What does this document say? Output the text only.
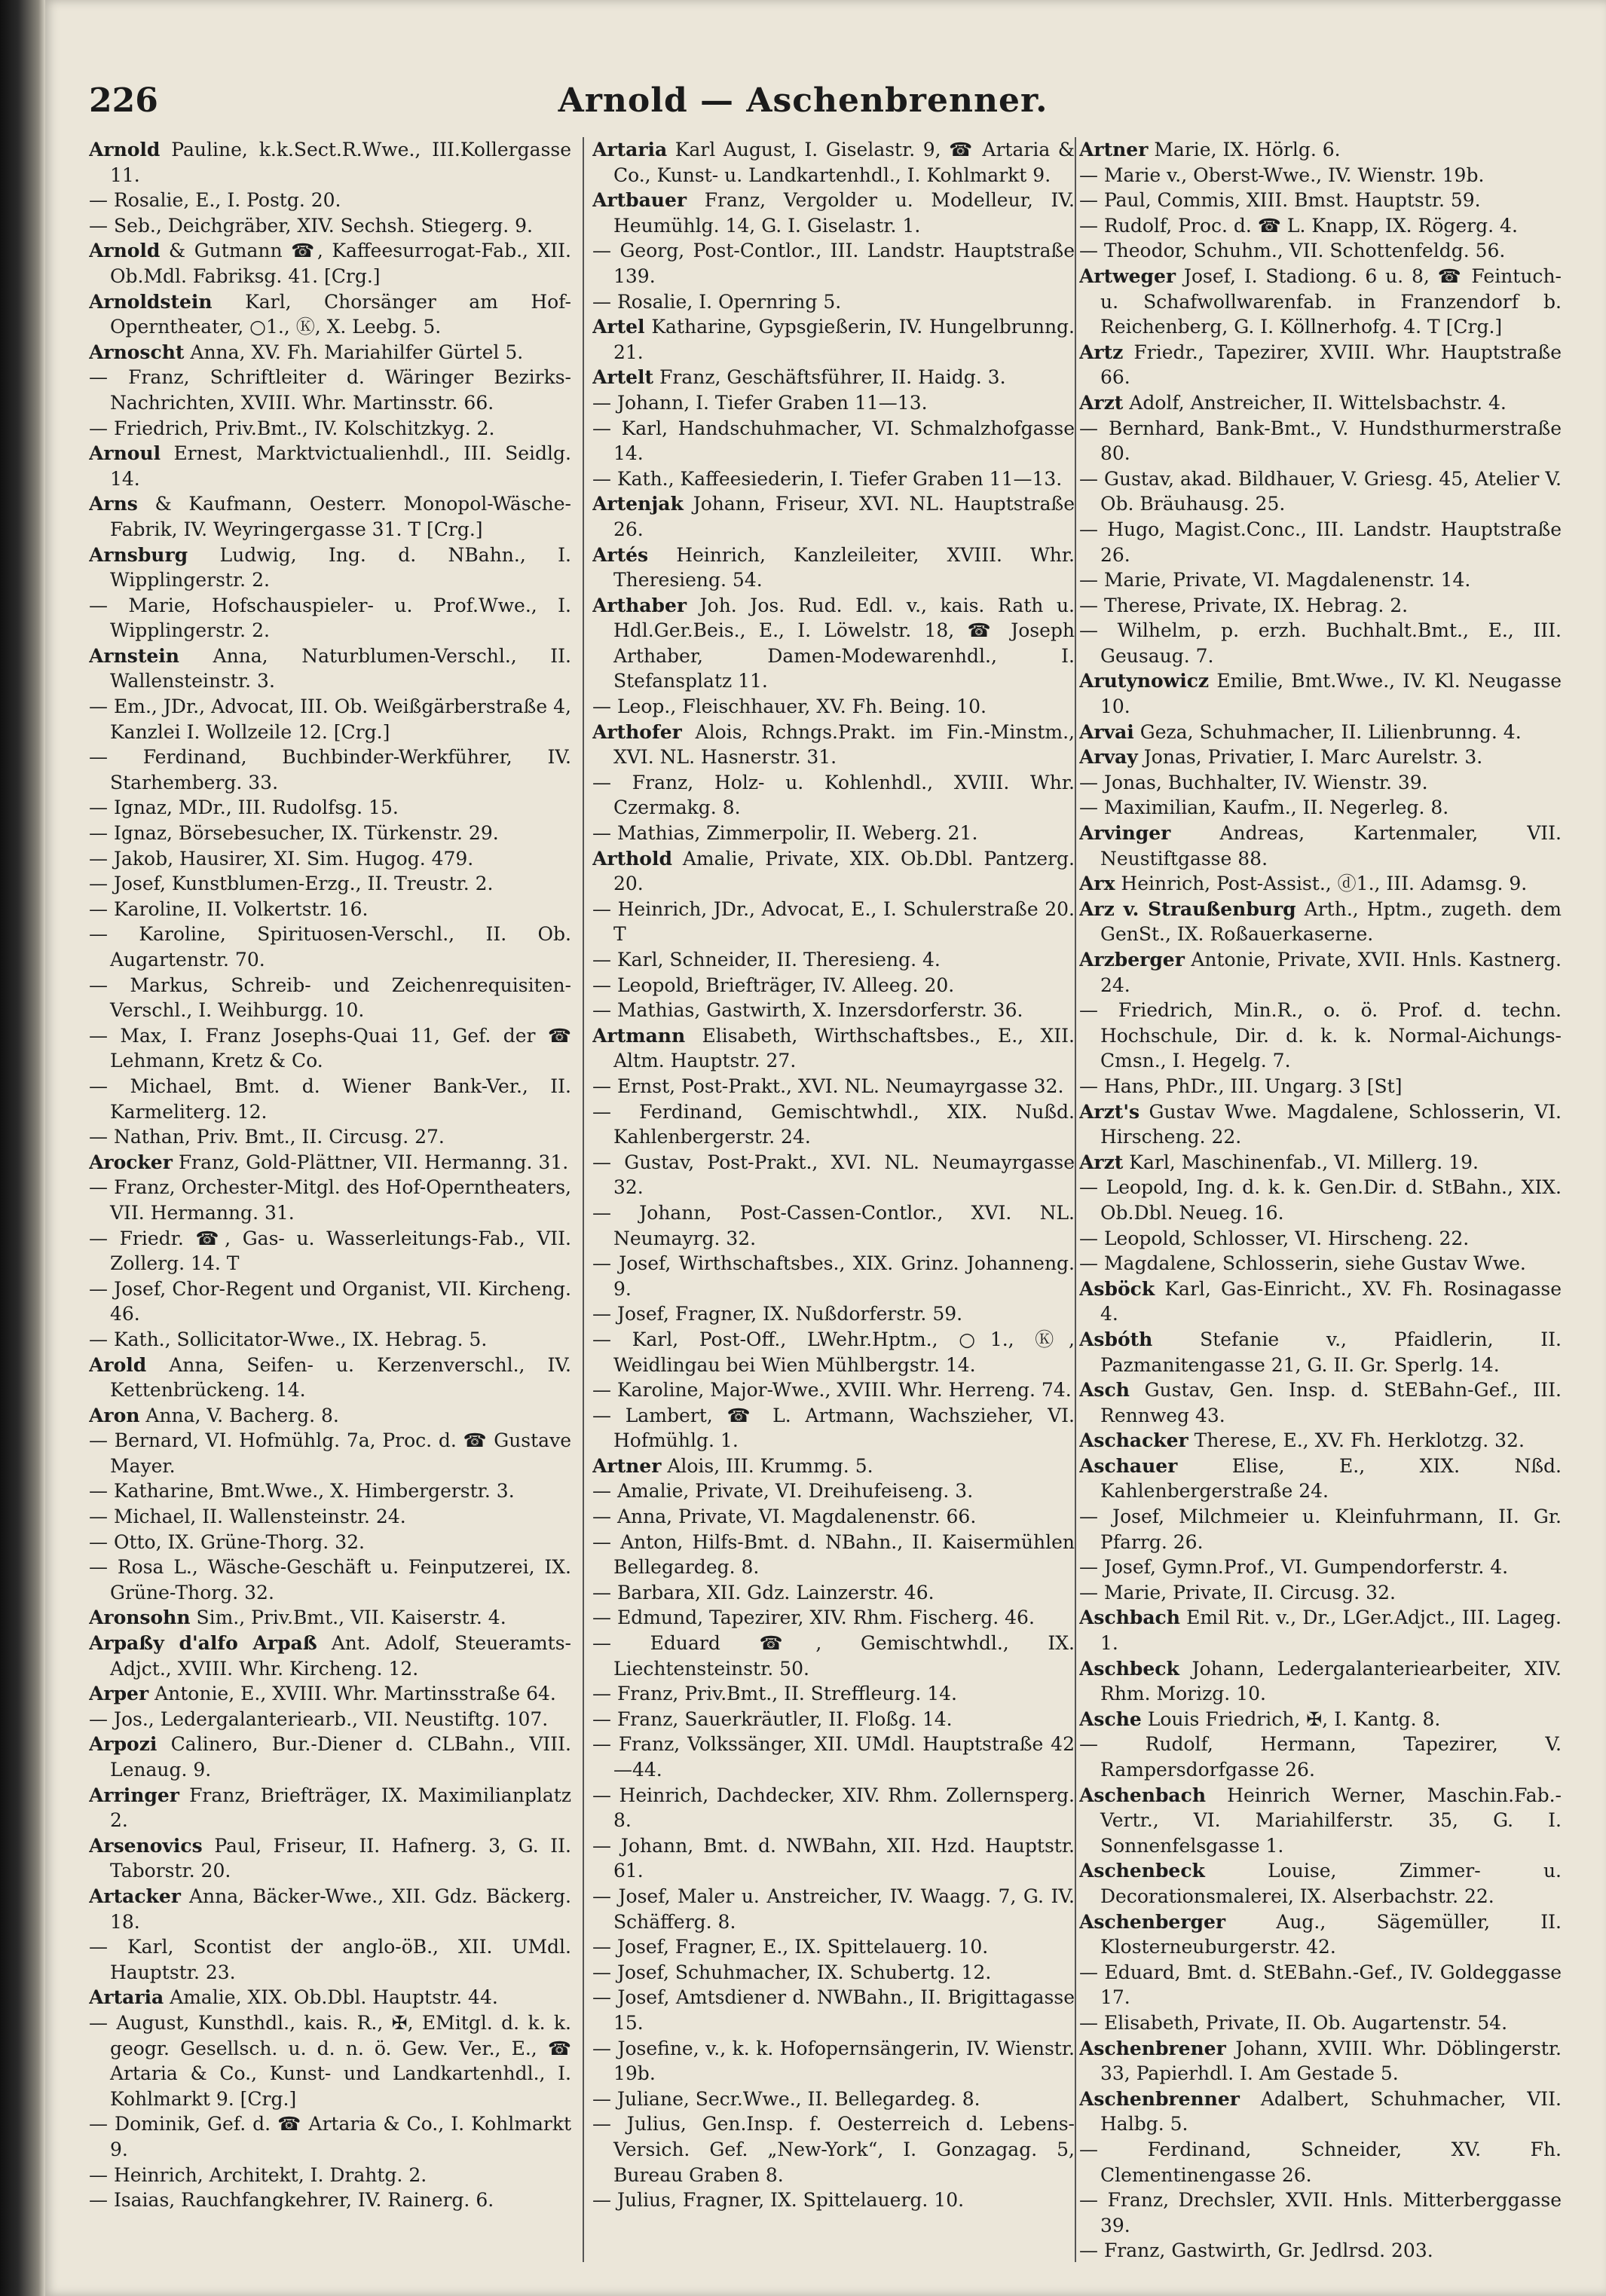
226	Arnold — Aschenbrenner.

Arnold Pauline, k.k.Sect.R.Wwe., III.Kollergasse 11.

— Rosalie, E., I. Postg. 20.

— Seb., Deichgräber, XIV. Sechsh. Stiegerg. 9.

Arnold & Gutmann ☎, Kaffeesurrogat-Fab., XII. Ob.Mdl. Fabriksg. 41. [Crg.]

Arnoldstein Karl, Chorsänger am Hof-Operntheater, ○1., Ⓚ, X. Leebg. 5.

Arnoscht Anna, XV. Fh. Mariahilfer Gürtel 5.

— Franz, Schriftleiter d. Wäringer Bezirks-Nachrichten, XVIII. Whr. Martinsstr. 66.

— Friedrich, Priv.Bmt., IV. Kolschitzkyg. 2.

Arnoul Ernest, Marktvictualienhdl., III. Seidlg. 14.

Arns & Kaufmann, Oesterr. Monopol-Wäsche-Fabrik, IV. Weyringergasse 31. T [Crg.]

Arnsburg Ludwig, Ing. d. NBahn., I. Wipplingerstr. 2.

— Marie, Hofschauspieler- u. Prof.Wwe., I. Wipplingerstr. 2.

Arnstein Anna, Naturblumen-Verschl., II. Wallensteinstr. 3.

— Em., JDr., Advocat, III. Ob. Weißgärberstraße 4, Kanzlei I. Wollzeile 12. [Crg.]

— Ferdinand, Buchbinder-Werkführer, IV. Starhemberg. 33.

— Ignaz, MDr., III. Rudolfsg. 15.

— Ignaz, Börsebesucher, IX. Türkenstr. 29.

— Jakob, Hausirer, XI. Sim. Hugog. 479.

— Josef, Kunstblumen-Erzg., II. Treustr. 2.

— Karoline, II. Volkertstr. 16.

— Karoline, Spirituosen-Verschl., II. Ob. Augartenstr. 70.

— Markus, Schreib- und Zeichenrequisiten-Verschl., I. Weihburgg. 10.

— Max, I. Franz Josephs-Quai 11, Gef. der ☎ Lehmann, Kretz & Co.

— Michael, Bmt. d. Wiener Bank-Ver., II. Karmeliterg. 12.

— Nathan, Priv. Bmt., II. Circusg. 27.

Arocker Franz, Gold-Plättner, VII. Hermanng. 31.

— Franz, Orchester-Mitgl. des Hof-Operntheaters, VII. Hermanng. 31.

— Friedr. ☎, Gas- u. Wasserleitungs-Fab., VII. Zollerg. 14. T

— Josef, Chor-Regent und Organist, VII. Kircheng. 46.

— Kath., Sollicitator-Wwe., IX. Hebrag. 5.

Arold Anna, Seifen- u. Kerzenverschl., IV. Kettenbrückeng. 14.

Aron Anna, V. Bacherg. 8.

— Bernard, VI. Hofmühlg. 7a, Proc. d. ☎ Gustave Mayer.

— Katharine, Bmt.Wwe., X. Himbergerstr. 3.

— Michael, II. Wallensteinstr. 24.

— Otto, IX. Grüne-Thorg. 32.

— Rosa L., Wäsche-Geschäft u. Feinputzerei, IX. Grüne-Thorg. 32.

Aronsohn Sim., Priv.Bmt., VII. Kaiserstr. 4.

Arpaßy d'alfo Arpaß Ant. Adolf, Steueramts-Adjct., XVIII. Whr. Kircheng. 12.

Arper Antonie, E., XVIII. Whr. Martinsstraße 64.

— Jos., Ledergalanteriearb., VII. Neustiftg. 107.

Arpozi Calinero, Bur.-Diener d. CLBahn., VIII. Lenaug. 9.

Arringer Franz, Briefträger, IX. Maximilianplatz 2.

Arsenovics Paul, Friseur, II. Hafnerg. 3, G. II. Taborstr. 20.

Artacker Anna, Bäcker-Wwe., XII. Gdz. Bäckerg. 18.

— Karl, Scontist der anglo-öB., XII. UMdl. Hauptstr. 23.

Artaria Amalie, XIX. Ob.Dbl. Hauptstr. 44.

— August, Kunsthdl., kais. R., ✠, EMitgl. d. k. k. geogr. Gesellsch. u. d. n. ö. Gew. Ver., E., ☎ Artaria & Co., Kunst- und Landkartenhdl., I. Kohlmarkt 9. [Crg.]

— Dominik, Gef. d. ☎ Artaria & Co., I. Kohlmarkt 9.

— Heinrich, Architekt, I. Drahtg. 2.

— Isaias, Rauchfangkehrer, IV. Rainerg. 6.

Artaria Karl August, I. Giselastr. 9, ☎ Artaria & Co., Kunst- u. Landkartenhdl., I. Kohlmarkt 9.

Artbauer Franz, Vergolder u. Modelleur, IV. Heumühlg. 14, G. I. Giselastr. 1.

— Georg, Post-Contlor., III. Landstr. Hauptstraße 139.

— Rosalie, I. Opernring 5.

Artel Katharine, Gypsgießerin, IV. Hungelbrunng. 21.

Artelt Franz, Geschäftsführer, II. Haidg. 3.

— Johann, I. Tiefer Graben 11—13.

— Karl, Handschuhmacher, VI. Schmalzhofgasse 14.

— Kath., Kaffeesiederin, I. Tiefer Graben 11—13.

Artenjak Johann, Friseur, XVI. NL. Hauptstraße 26.

Artés Heinrich, Kanzleileiter, XVIII. Whr. Theresieng. 54.

Arthaber Joh. Jos. Rud. Edl. v., kais. Rath u. Hdl.Ger.Beis., E., I. Löwelstr. 18, ☎ Joseph Arthaber, Damen-Modewarenhdl., I. Stefansplatz 11.

— Leop., Fleischhauer, XV. Fh. Being. 10.

Arthofer Alois, Rchngs.Prakt. im Fin.-Minstm., XVI. NL. Hasnerstr. 31.

— Franz, Holz- u. Kohlenhdl., XVIII. Whr. Czermakg. 8.

— Mathias, Zimmerpolir, II. Weberg. 21.

Arthold Amalie, Private, XIX. Ob.Dbl. Pantzerg. 20.

— Heinrich, JDr., Advocat, E., I. Schulerstraße 20. T

— Karl, Schneider, II. Theresieng. 4.

— Leopold, Briefträger, IV. Alleeg. 20.

— Mathias, Gastwirth, X. Inzersdorferstr. 36.

Artmann Elisabeth, Wirthschaftsbes., E., XII. Altm. Hauptstr. 27.

— Ernst, Post-Prakt., XVI. NL. Neumayrgasse 32.

— Ferdinand, Gemischtwhdl., XIX. Nußd. Kahlenbergerstr. 24.

— Gustav, Post-Prakt., XVI. NL. Neumayrgasse 32.

— Johann, Post-Cassen-Contlor., XVI. NL. Neumayrg. 32.

— Josef, Wirthschaftsbes., XIX. Grinz. Johanneng. 9.

— Josef, Fragner, IX. Nußdorferstr. 59.

— Karl, Post-Off., LWehr.Hptm., ○1., Ⓚ, Weidlingau bei Wien Mühlbergstr. 14.

— Karoline, Major-Wwe., XVIII. Whr. Herreng. 74.

— Lambert, ☎ L. Artmann, Wachszieher, VI. Hofmühlg. 1.

Artner Alois, III. Krummg. 5.

— Amalie, Private, VI. Dreihufeiseng. 3.

— Anna, Private, VI. Magdalenenstr. 66.

— Anton, Hilfs-Bmt. d. NBahn., II. Kaisermühlen Bellegardeg. 8.

— Barbara, XII. Gdz. Lainzerstr. 46.

— Edmund, Tapezirer, XIV. Rhm. Fischerg. 46.

— Eduard ☎, Gemischtwhdl., IX. Liechtensteinstr. 50.

— Franz, Priv.Bmt., II. Streffleurg. 14.

— Franz, Sauerkräutler, II. Floßg. 14.

— Franz, Volkssänger, XII. UMdl. Hauptstraße 42—44.

— Heinrich, Dachdecker, XIV. Rhm. Zollernsperg. 8.

— Johann, Bmt. d. NWBahn, XII. Hzd. Hauptstr. 61.

— Josef, Maler u. Anstreicher, IV. Waagg. 7, G. IV. Schäfferg. 8.

— Josef, Fragner, E., IX. Spittelauerg. 10.

— Josef, Schuhmacher, IX. Schubertg. 12.

— Josef, Amtsdiener d. NWBahn., II. Brigittagasse 15.

— Josefine, v., k. k. Hofopernsängerin, IV. Wienstr. 19b.

— Juliane, Secr.Wwe., II. Bellegardeg. 8.

— Julius, Gen.Insp. f. Oesterreich d. Lebens-Versich. Gef. „New-York“, I. Gonzagag. 5, Bureau Graben 8.

— Julius, Fragner, IX. Spittelauerg. 10.

Artner Marie, IX. Hörlg. 6.

— Marie v., Oberst-Wwe., IV. Wienstr. 19b.

— Paul, Commis, XIII. Bmst. Hauptstr. 59.

— Rudolf, Proc. d. ☎ L. Knapp, IX. Rögerg. 4.

— Theodor, Schuhm., VII. Schottenfeldg. 56.

Artweger Josef, I. Stadiong. 6 u. 8, ☎ Feintuch- u. Schafwollwarenfab. in Franzendorf b. Reichenberg, G. I. Köllnerhofg. 4. T [Crg.]

Artz Friedr., Tapezirer, XVIII. Whr. Hauptstraße 66.

Arzt Adolf, Anstreicher, II. Wittelsbachstr. 4.

— Bernhard, Bank-Bmt., V. Hundsthurmerstraße 80.

— Gustav, akad. Bildhauer, V. Griesg. 45, Atelier V. Ob. Bräuhausg. 25.

— Hugo, Magist.Conc., III. Landstr. Hauptstraße 26.

— Marie, Private, VI. Magdalenenstr. 14.

— Therese, Private, IX. Hebrag. 2.

— Wilhelm, p. erzh. Buchhalt.Bmt., E., III. Geusaug. 7.

Arutynowicz Emilie, Bmt.Wwe., IV. Kl. Neugasse 10.

Arvai Geza, Schuhmacher, II. Lilienbrunng. 4.

Arvay Jonas, Privatier, I. Marc Aurelstr. 3.

— Jonas, Buchhalter, IV. Wienstr. 39.

— Maximilian, Kaufm., II. Negerleg. 8.

Arvinger Andreas, Kartenmaler, VII. Neustiftgasse 88.

Arx Heinrich, Post-Assist., ⓓ1., III. Adamsg. 9.

Arz v. Straußenburg Arth., Hptm., zugeth. dem GenSt., IX. Roßauerkaserne.

Arzberger Antonie, Private, XVII. Hnls. Kastnerg. 24.

— Friedrich, Min.R., o. ö. Prof. d. techn. Hochschule, Dir. d. k. k. Normal-Aichungs-Cmsn., I. Hegelg. 7.

— Hans, PhDr., III. Ungarg. 3 [St]

Arzt's Gustav Wwe. Magdalene, Schlosserin, VI. Hirscheng. 22.

Arzt Karl, Maschinenfab., VI. Millerg. 19.

— Leopold, Ing. d. k. k. Gen.Dir. d. StBahn., XIX. Ob.Dbl. Neueg. 16.

— Leopold, Schlosser, VI. Hirscheng. 22.

— Magdalene, Schlosserin, siehe Gustav Wwe.

Asböck Karl, Gas-Einricht., XV. Fh. Rosinagasse 4.

Asbóth Stefanie v., Pfaidlerin, II. Pazmanitengasse 21, G. II. Gr. Sperlg. 14.

Asch Gustav, Gen. Insp. d. StEBahn-Gef., III. Rennweg 43.

Aschacker Therese, E., XV. Fh. Herklotzg. 32.

Aschauer Elise, E., XIX. Nßd. Kahlenbergerstraße 24.

— Josef, Milchmeier u. Kleinfuhrmann, II. Gr. Pfarrg. 26.

— Josef, Gymn.Prof., VI. Gumpendorferstr. 4.

— Marie, Private, II. Circusg. 32.

Aschbach Emil Rit. v., Dr., LGer.Adjct., III. Lageg. 1.

Aschbeck Johann, Ledergalanteriearbeiter, XIV. Rhm. Morizg. 10.

Asche Louis Friedrich, ✠, I. Kantg. 8.

— Rudolf, Hermann, Tapezirer, V. Rampersdorfgasse 26.

Aschenbach Heinrich Werner, Maschin.Fab.-Vertr., VI. Mariahilferstr. 35, G. I. Sonnenfelsgasse 1.

Aschenbeck Louise, Zimmer- u. Decorationsmalerei, IX. Alserbachstr. 22.

Aschenberger Aug., Sägemüller, II. Klosterneuburgerstr. 42.

— Eduard, Bmt. d. StEBahn.-Gef., IV. Goldeggasse 17.

— Elisabeth, Private, II. Ob. Augartenstr. 54.

Aschenbrener Johann, XVIII. Whr. Döblingerstr. 33, Papierhdl. I. Am Gestade 5.

Aschenbrenner Adalbert, Schuhmacher, VII. Halbg. 5.

— Ferdinand, Schneider, XV. Fh. Clementinengasse 26.

— Franz, Drechsler, XVII. Hnls. Mitterberggasse 39.

— Franz, Gastwirth, Gr. Jedlrsd. 203.
